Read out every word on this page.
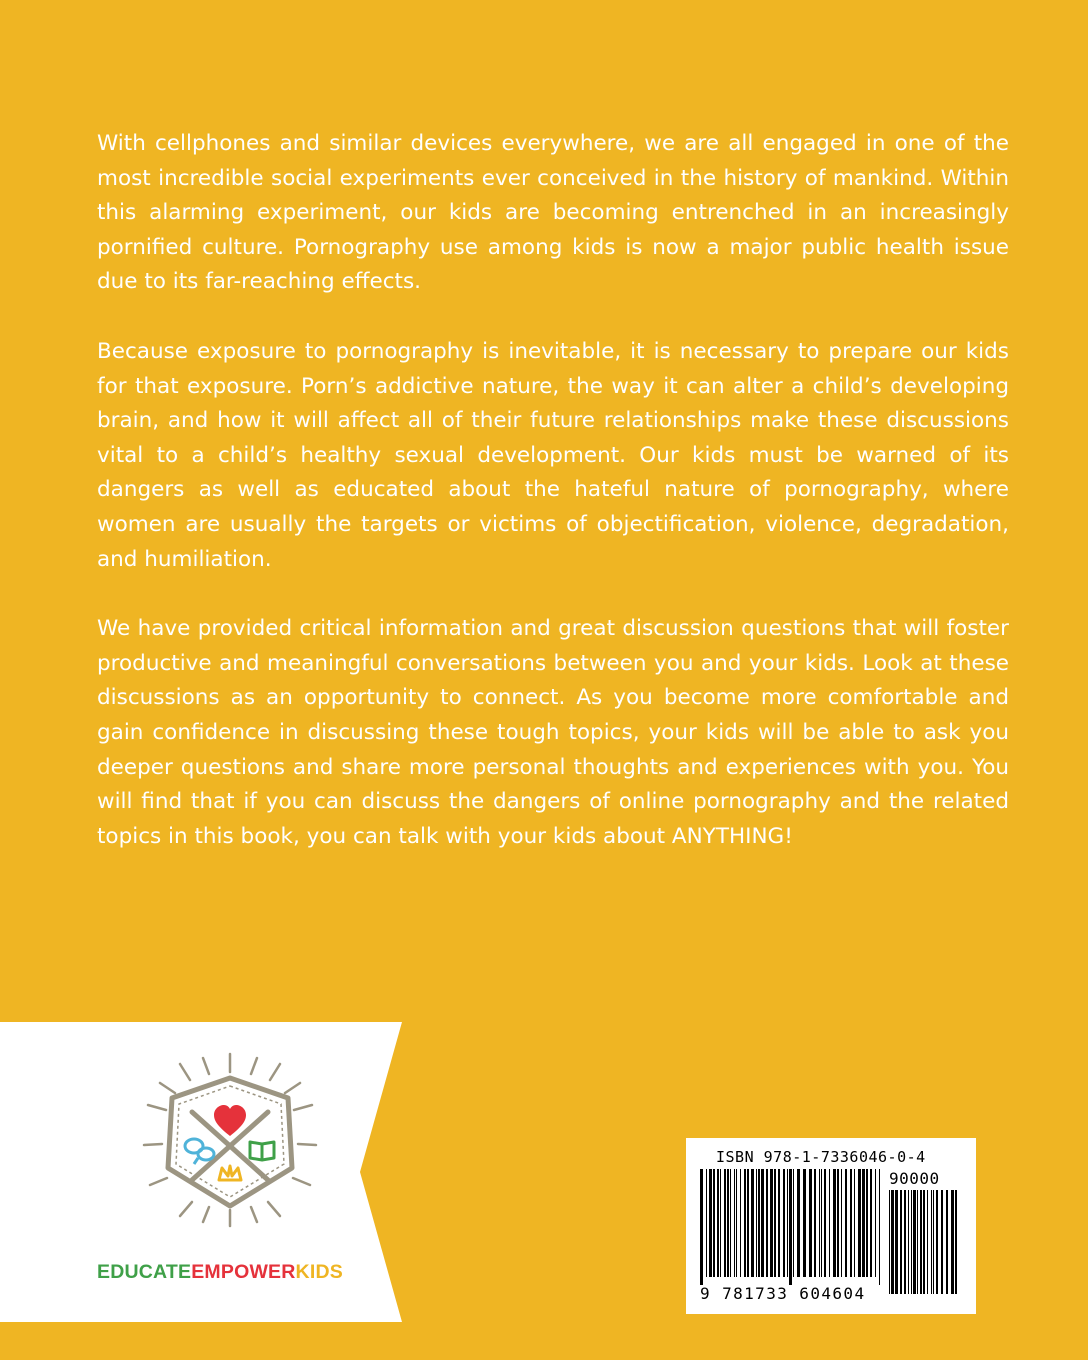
With cellphones and similar devices everywhere, we are all engaged in one of the most incredible social experiments ever conceived in the history of mankind. Within this alarming experiment, our kids are becoming entrenched in an increasingly pornified culture. Pornography use among kids is now a major public health issue due to its far-reaching effects.

Because exposure to pornography is inevitable, it is necessary to prepare our kids for that exposure. Porn’s addictive nature, the way it can alter a child’s developing brain, and how it will affect all of their future relationships make these discussions vital to a child’s healthy sexual development. Our kids must be warned of its dangers as well as educated about the hateful nature of pornography, where women are usually the targets or victims of objectification, violence, degradation, and humiliation.

We have provided critical information and great discussion questions that will foster productive and meaningful conversations between you and your kids. Look at these discussions as an opportunity to connect. As you become more comfortable and gain confidence in discussing these tough topics, your kids will be able to ask you deeper questions and share more personal thoughts and experiences with you. You will find that if you can discuss the dangers of online pornography and the related topics in this book, you can talk with your kids about ANYTHING!

EDUCATEEMPOWERKIDS
ISBN 978-1-7336046-0-4
90000
9 781733 604604
